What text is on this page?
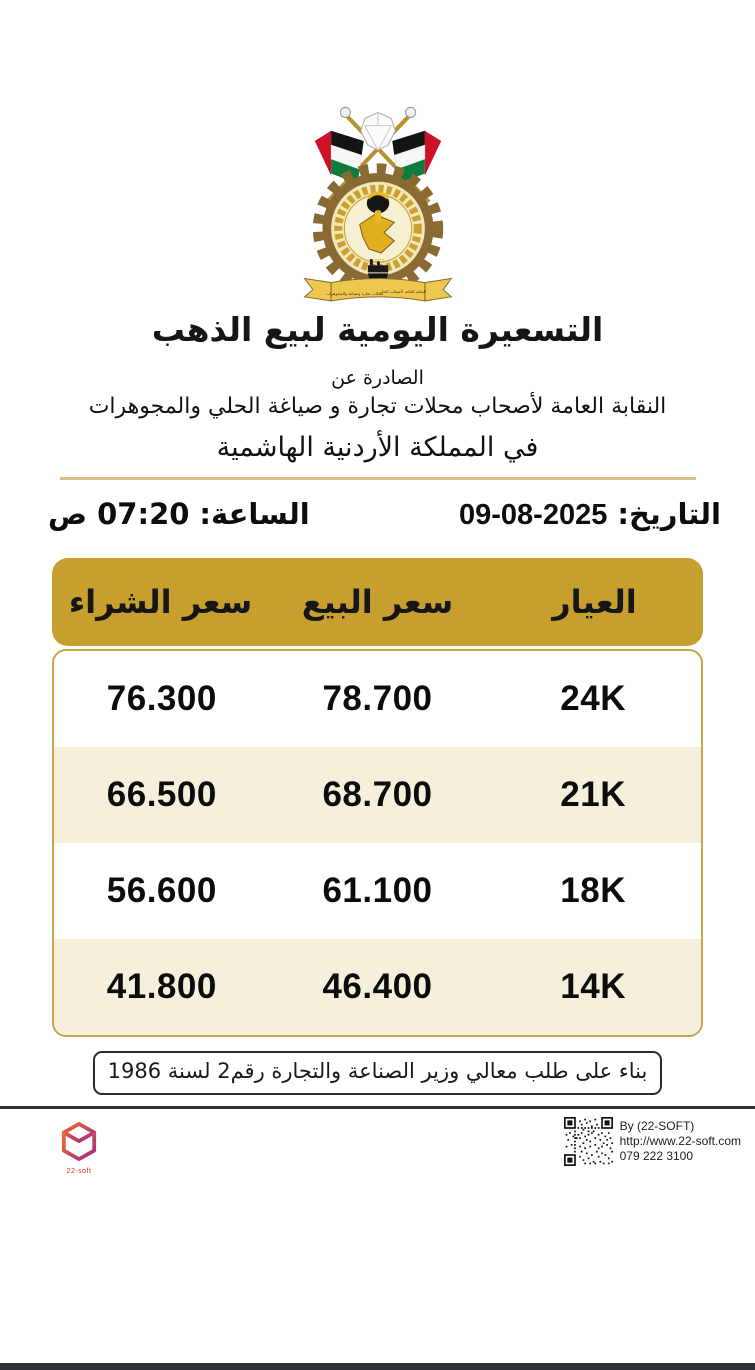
1972
النقابة العامة لأصحاب الحلي
محلات تجارة وصياغة والمجوهرات
التسعيرة اليومية لبيع الذهب
الصادرة عن
النقابة العامة لأصحاب محلات تجارة و صياغة الحلي والمجوهرات
في المملكة الأردنية الهاشمية
التاريخ:
09-08-2025
الساعة:
07:20 ص
العيار
سعر البيع
سعر الشراء
24K
78.700
76.300
21K
68.700
66.500
18K
61.100
56.600
14K
46.400
41.800
بناء على طلب معالي وزير الصناعة والتجارة رقم2 لسنة 1986
22-soft
By (22-SOFT)
http://www.22-soft.com
079 222 3100
